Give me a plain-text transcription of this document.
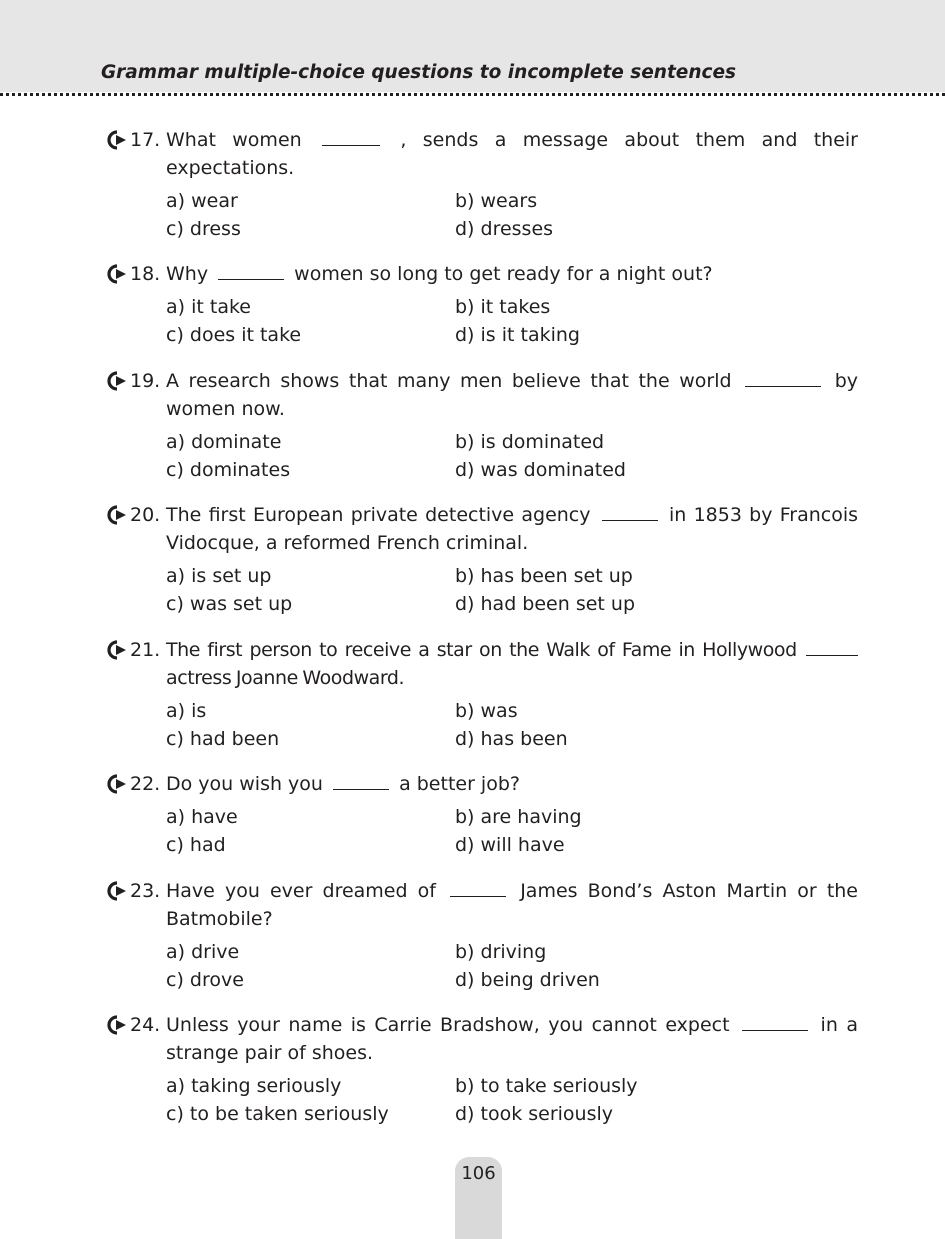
Grammar multiple-choice questions to incomplete sentences
17. What women	, sends a message about them and their expectations.
a) wear	b) wears
c) dress	d) dresses
18. Why	women so long to get ready for a night out?
a) it take	b) it takes
c) does it take	d) is it taking
19. A research shows that many men believe that the world	by women now.
a) dominate	b) is dominated
c) dominates	d) was dominated
20. The first European private detective agency	in 1853 by Francois Vidocque, a reformed French criminal.
a) is set up	b) has been set up
c) was set up	d) had been set up
21. The first person to receive a star on the Walk of Fame in Hollywood  actress Joanne Woodward.
a) is	b) was
c) had been	d) has been
22. Do you wish you	a better job?
a) have	b) are having
c) had	d) will have
23. Have you ever dreamed of	James Bond’s Aston Martin or the Batmobile?
a) drive	b) driving
c) drove	d) being driven
24. Unless your name is Carrie Bradshow, you cannot expect	in a strange pair of shoes.
a) taking seriously	b) to take seriously
c) to be taken seriously	d) took seriously
106
